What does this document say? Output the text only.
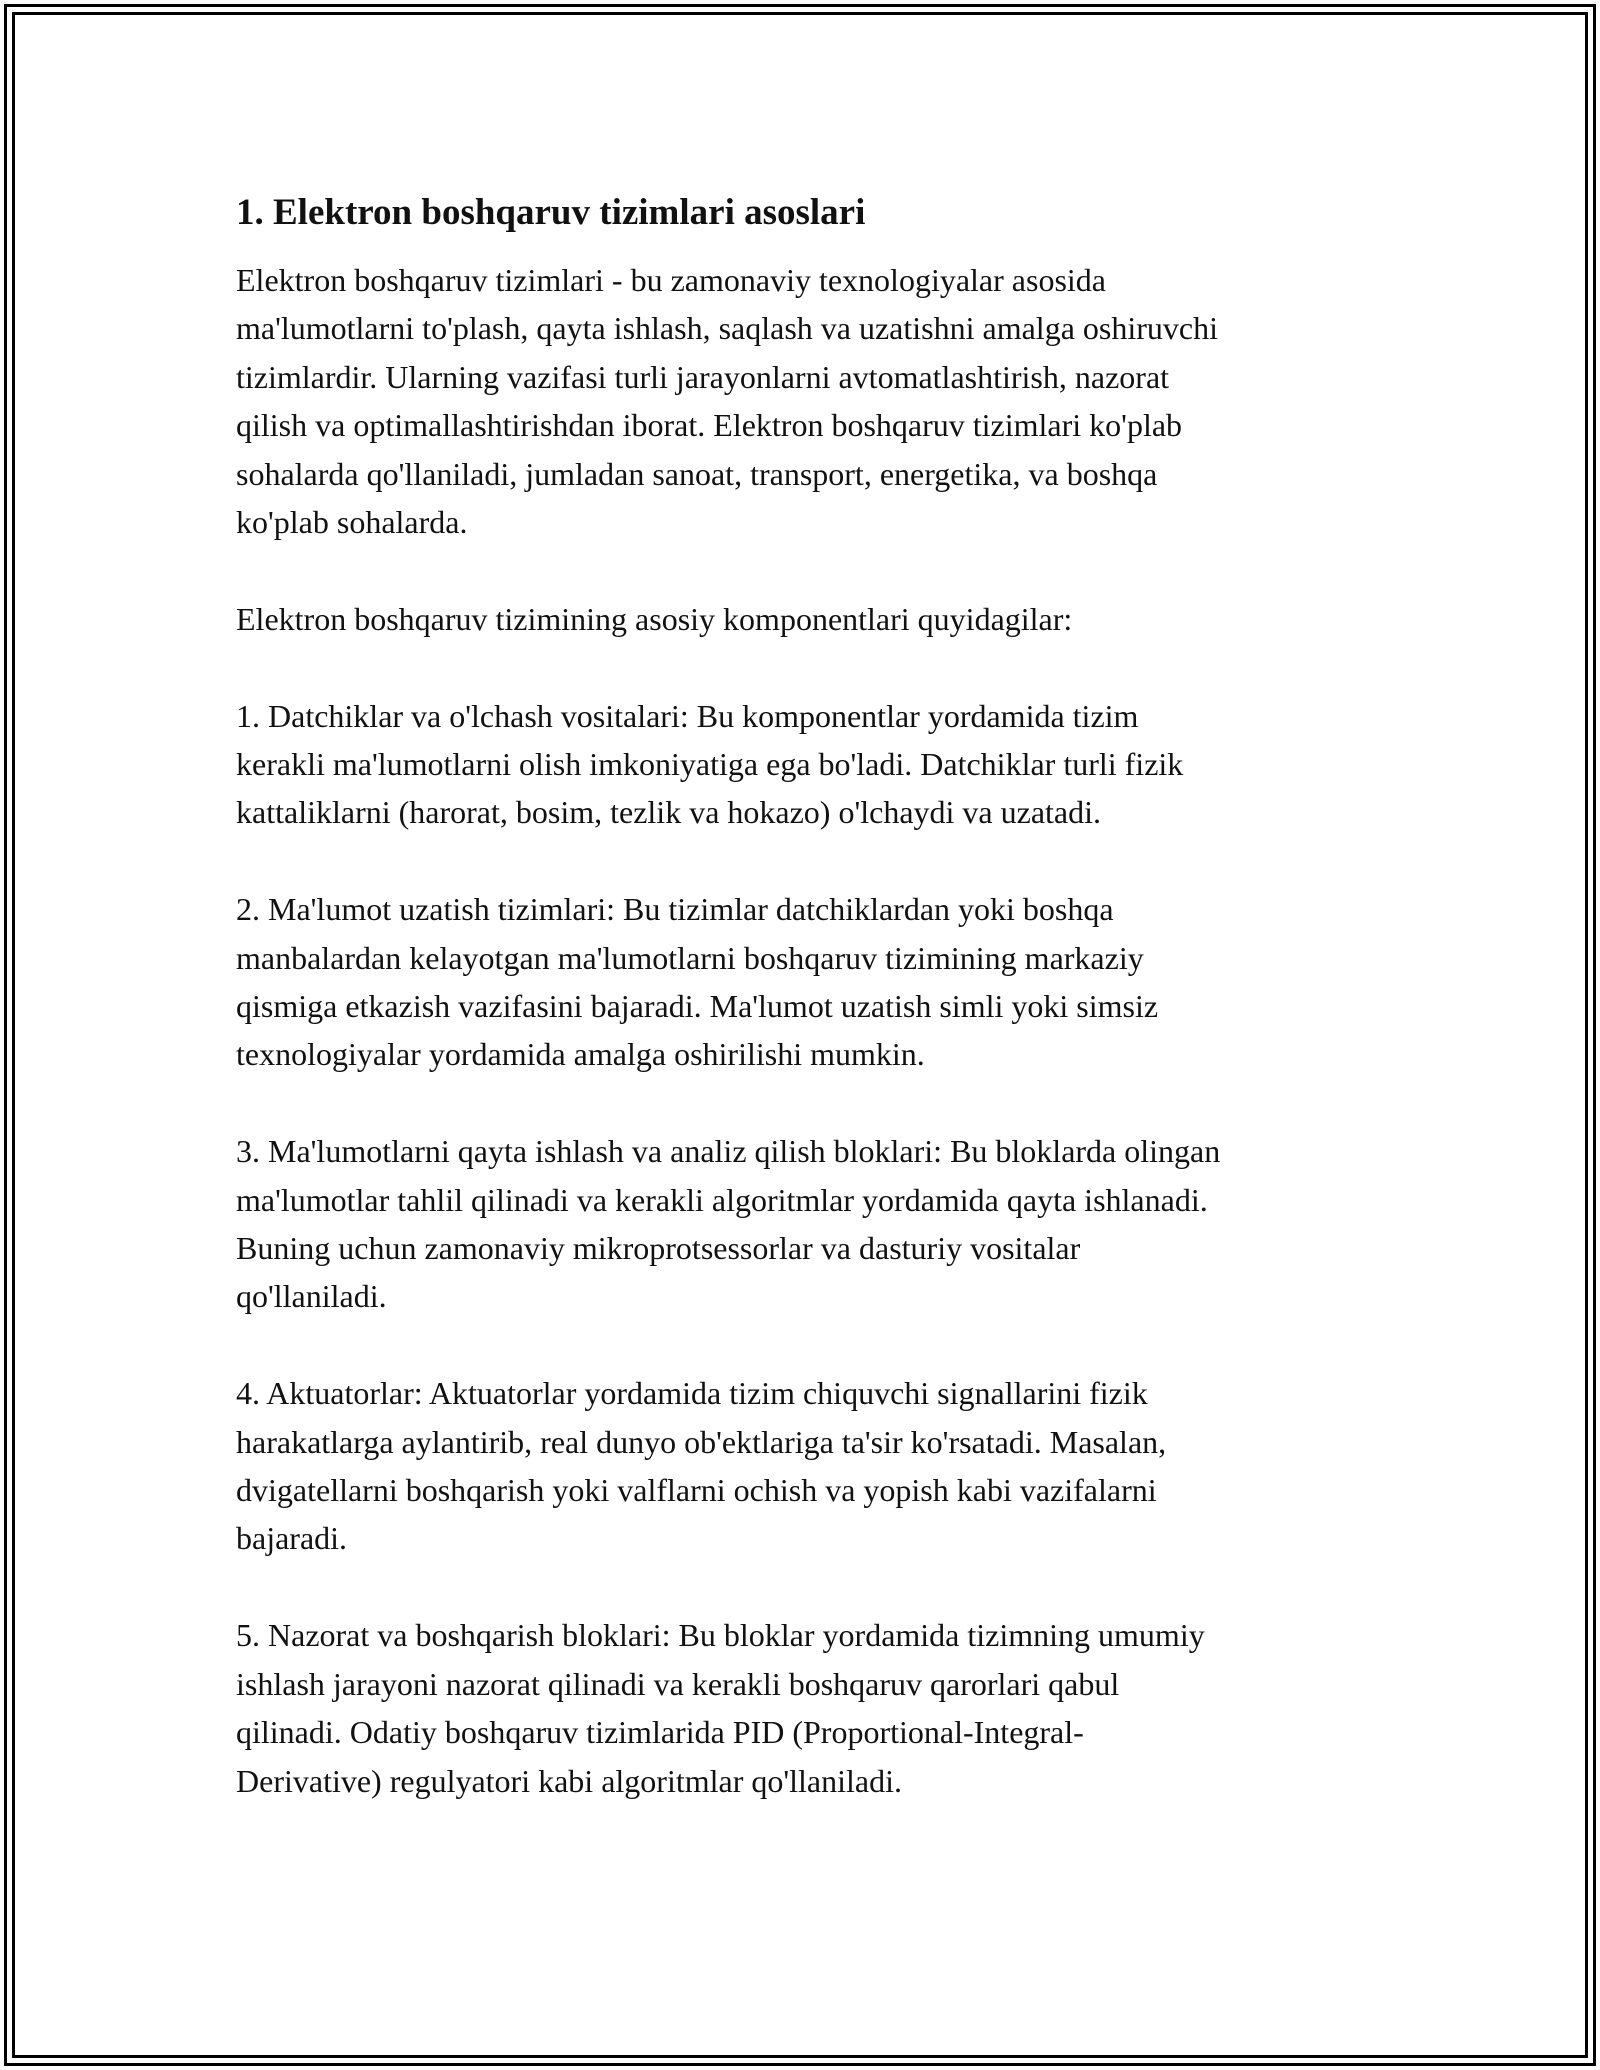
1. Elektron boshqaruv tizimlari asoslari

Elektron boshqaruv tizimlari - bu zamonaviy texnologiyalar asosida
ma'lumotlarni to'plash, qayta ishlash, saqlash va uzatishni amalga oshiruvchi
tizimlardir. Ularning vazifasi turli jarayonlarni avtomatlashtirish, nazorat
qilish va optimallashtirishdan iborat. Elektron boshqaruv tizimlari ko'plab
sohalarda qo'llaniladi, jumladan sanoat, transport, energetika, va boshqa
ko'plab sohalarda.

Elektron boshqaruv tizimining asosiy komponentlari quyidagilar:

1. Datchiklar va o'lchash vositalari: Bu komponentlar yordamida tizim
kerakli ma'lumotlarni olish imkoniyatiga ega bo'ladi. Datchiklar turli fizik
kattaliklarni (harorat, bosim, tezlik va hokazo) o'lchaydi va uzatadi.

2. Ma'lumot uzatish tizimlari: Bu tizimlar datchiklardan yoki boshqa
manbalardan kelayotgan ma'lumotlarni boshqaruv tizimining markaziy
qismiga etkazish vazifasini bajaradi. Ma'lumot uzatish simli yoki simsiz
texnologiyalar yordamida amalga oshirilishi mumkin.

3. Ma'lumotlarni qayta ishlash va analiz qilish bloklari: Bu bloklarda olingan
ma'lumotlar tahlil qilinadi va kerakli algoritmlar yordamida qayta ishlanadi.
Buning uchun zamonaviy mikroprotsessorlar va dasturiy vositalar
qo'llaniladi.

4. Aktuatorlar: Aktuatorlar yordamida tizim chiquvchi signallarini fizik
harakatlarga aylantirib, real dunyo ob'ektlariga ta'sir ko'rsatadi. Masalan,
dvigatellarni boshqarish yoki valflarni ochish va yopish kabi vazifalarni
bajaradi.

5. Nazorat va boshqarish bloklari: Bu bloklar yordamida tizimning umumiy
ishlash jarayoni nazorat qilinadi va kerakli boshqaruv qarorlari qabul
qilinadi. Odatiy boshqaruv tizimlarida PID (Proportional-Integral-
Derivative) regulyatori kabi algoritmlar qo'llaniladi.
